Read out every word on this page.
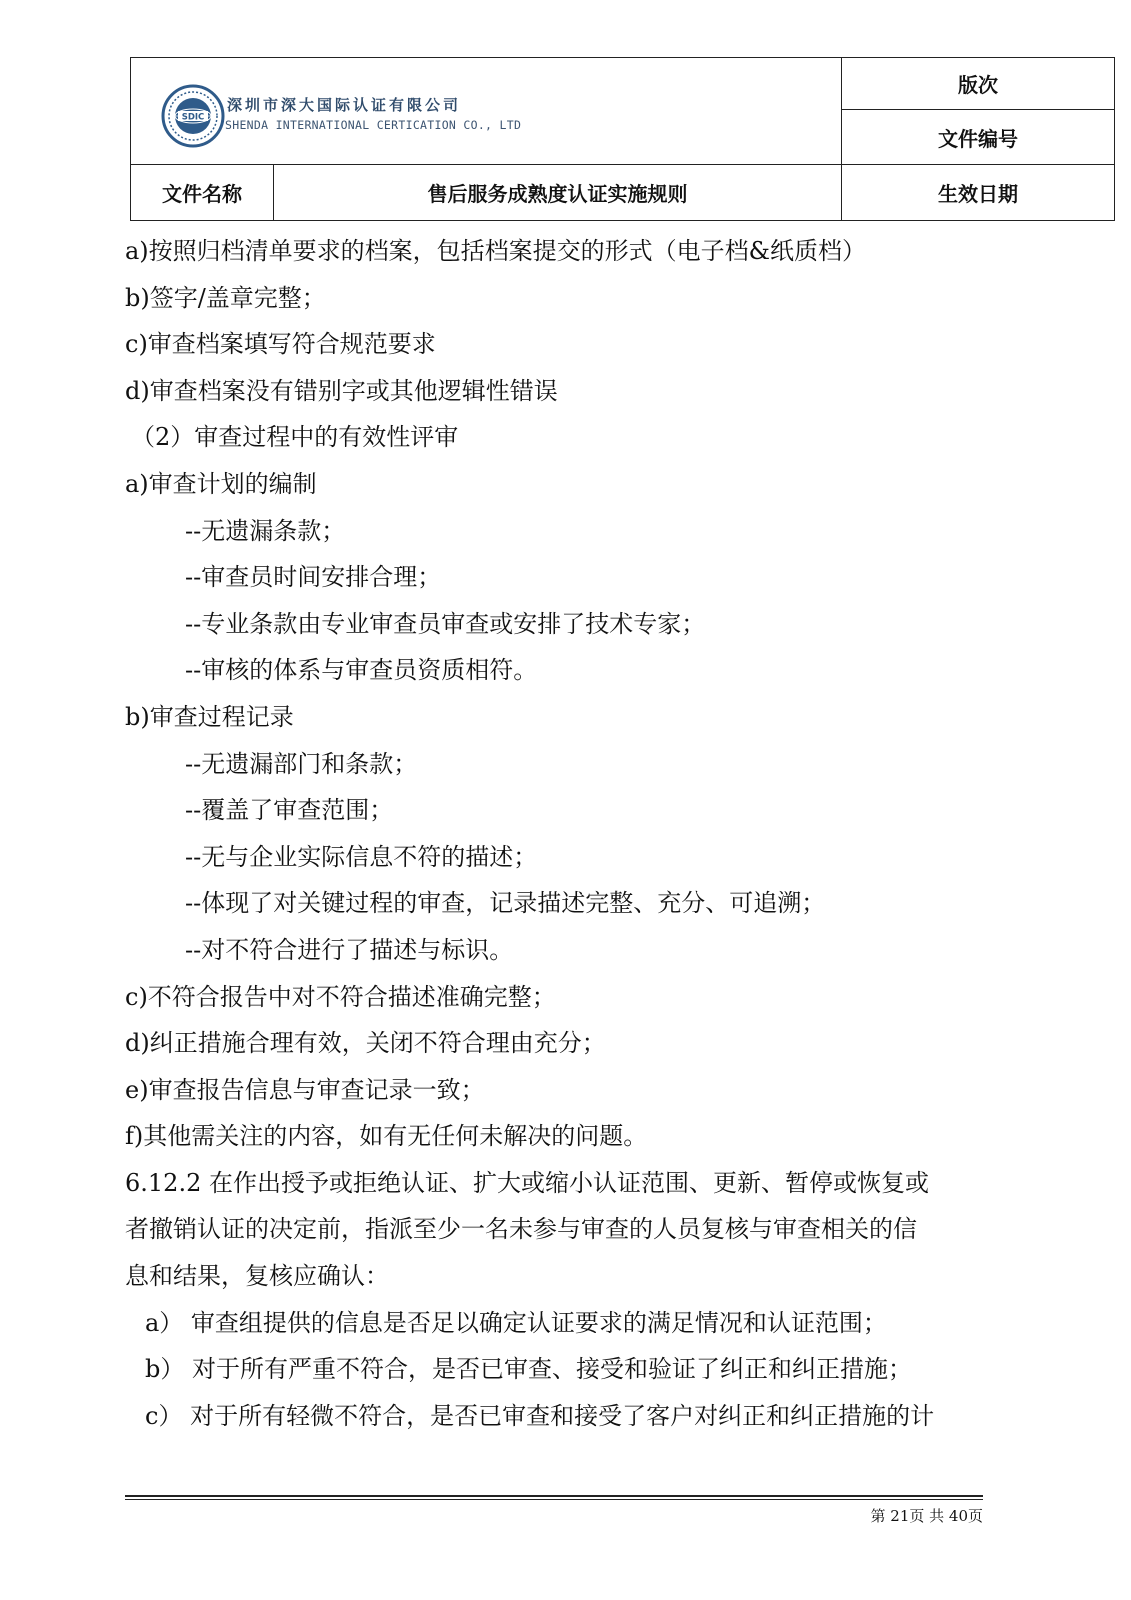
SDIC
深圳市深大国际认证有限公司
SHENDA INTERNATIONAL CERTICATION CO., LTD
版次
文件编号
文件名称	售后服务成熟度认证实施规则	生效日期
a)按照归档清单要求的档案，包括档案提交的形式（电子档&纸质档）
b)签字/盖章完整；
c)审查档案填写符合规范要求
d)审查档案没有错别字或其他逻辑性错误
（2）审查过程中的有效性评审
a)审查计划的编制
--无遗漏条款；
--审查员时间安排合理；
--专业条款由专业审查员审查或安排了技术专家；
--审核的体系与审查员资质相符。
b)审查过程记录
--无遗漏部门和条款；
--覆盖了审查范围；
--无与企业实际信息不符的描述；
--体现了对关键过程的审查，记录描述完整、充分、可追溯；
--对不符合进行了描述与标识。
c)不符合报告中对不符合描述准确完整；
d)纠正措施合理有效，关闭不符合理由充分；
e)审查报告信息与审查记录一致；
f)其他需关注的内容，如有无任何未解决的问题。
6.12.2 在作出授予或拒绝认证、扩大或缩小认证范围、更新、暂停或恢复或
者撤销认证的决定前，指派至少一名未参与审查的人员复核与审查相关的信
息和结果，复核应确认：
a） 审查组提供的信息是否足以确定认证要求的满足情况和认证范围；
b） 对于所有严重不符合，是否已审查、接受和验证了纠正和纠正措施；
c） 对于所有轻微不符合，是否已审查和接受了客户对纠正和纠正措施的计
第 21页 共 40页
